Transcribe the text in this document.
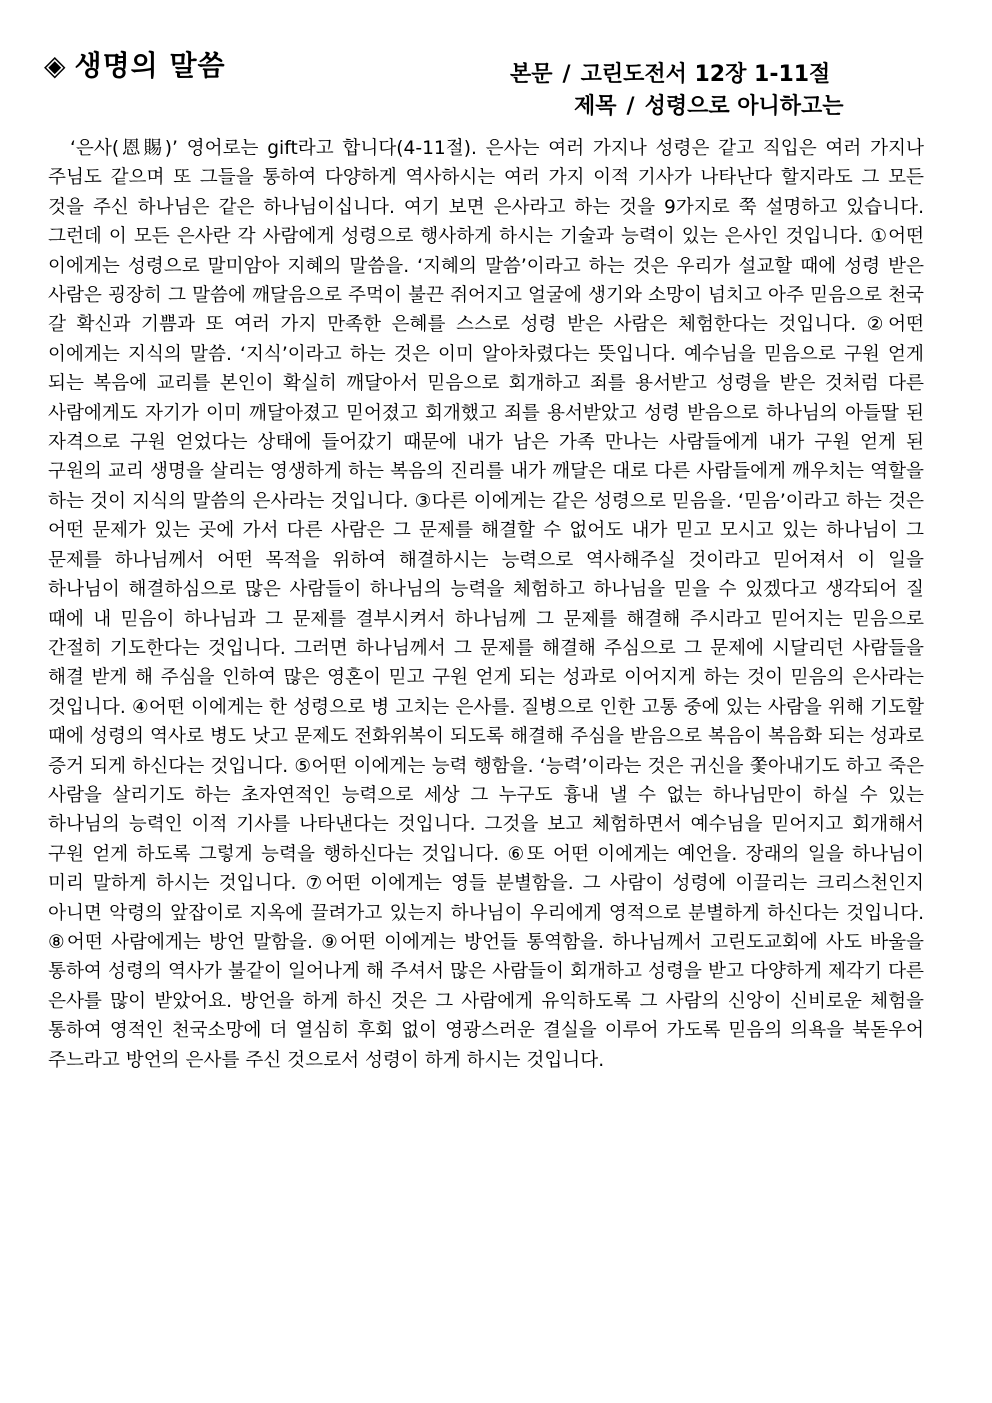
◈ 생명의 말씀	본문 / 고린도전서 12장 1-11절
제목 / 성령으로 아니하고는

‘은사(恩賜)’ 영어로는 gift라고 합니다(4-11절). 은사는 여러 가지나 성령은 같고 직입은 여러 가지나 주님도 같으며 또 그들을 통하여 다양하게 역사하시는 여러 가지 이적 기사가 나타난다 할지라도 그 모든 것을 주신 하나님은 같은 하나님이십니다. 여기 보면 은사라고 하는 것을 9가지로 쭉 설명하고 있습니다. 그런데 이 모든 은사란 각 사람에게 성령으로 행사하게 하시는 기술과 능력이 있는 은사인 것입니다. ①어떤 이에게는 성령으로 말미암아 지혜의 말씀을. ‘지혜의 말씀’이라고 하는 것은 우리가 설교할 때에 성령 받은 사람은 굉장히 그 말씀에 깨달음으로 주먹이 불끈 쥐어지고 얼굴에 생기와 소망이 넘치고 아주 믿음으로 천국 갈 확신과 기쁨과 또 여러 가지 만족한 은혜를 스스로 성령 받은 사람은 체험한다는 것입니다. ②어떤 이에게는 지식의 말씀. ‘지식’이라고 하는 것은 이미 알아차렸다는 뜻입니다. 예수님을 믿음으로 구원 얻게 되는 복음에 교리를 본인이 확실히 깨달아서 믿음으로 회개하고 죄를 용서받고 성령을 받은 것처럼 다른 사람에게도 자기가 이미 깨달아졌고 믿어졌고 회개했고 죄를 용서받았고 성령 받음으로 하나님의 아들딸 된 자격으로 구원 얻었다는 상태에 들어갔기 때문에 내가 남은 가족 만나는 사람들에게 내가 구원 얻게 된 구원의 교리 생명을 살리는 영생하게 하는 복음의 진리를 내가 깨달은 대로 다른 사람들에게 깨우치는 역할을 하는 것이 지식의 말씀의 은사라는 것입니다. ③다른 이에게는 같은 성령으로 믿음을. ‘믿음’이라고 하는 것은 어떤 문제가 있는 곳에 가서 다른 사람은 그 문제를 해결할 수 없어도 내가 믿고 모시고 있는 하나님이 그 문제를 하나님께서 어떤 목적을 위하여 해결하시는 능력으로 역사해주실 것이라고 믿어져서 이 일을 하나님이 해결하심으로 많은 사람들이 하나님의 능력을 체험하고 하나님을 믿을 수 있겠다고 생각되어 질 때에 내 믿음이 하나님과 그 문제를 결부시켜서 하나님께 그 문제를 해결해 주시라고 믿어지는 믿음으로 간절히 기도한다는 것입니다. 그러면 하나님께서 그 문제를 해결해 주심으로 그 문제에 시달리던 사람들을 해결 받게 해 주심을 인하여 많은 영혼이 믿고 구원 얻게 되는 성과로 이어지게 하는 것이 믿음의 은사라는 것입니다. ④어떤 이에게는 한 성령으로 병 고치는 은사를. 질병으로 인한 고통 중에 있는 사람을 위해 기도할 때에 성령의 역사로 병도 낫고 문제도 전화위복이 되도록 해결해 주심을 받음으로 복음이 복음화 되는 성과로 증거 되게 하신다는 것입니다. ⑤어떤 이에게는 능력 행함을. ‘능력’이라는 것은 귀신을 쫓아내기도 하고 죽은 사람을 살리기도 하는 초자연적인 능력으로 세상 그 누구도 흉내 낼 수 없는 하나님만이 하실 수 있는 하나님의 능력인 이적 기사를 나타낸다는 것입니다. 그것을 보고 체험하면서 예수님을 믿어지고 회개해서 구원 얻게 하도록 그렇게 능력을 행하신다는 것입니다. ⑥또 어떤 이에게는 예언을. 장래의 일을 하나님이 미리 말하게 하시는 것입니다. ⑦어떤 이에게는 영들 분별함을. 그 사람이 성령에 이끌리는 크리스천인지 아니면 악령의 앞잡이로 지옥에 끌려가고 있는지 하나님이 우리에게 영적으로 분별하게 하신다는 것입니다. ⑧어떤 사람에게는 방언 말함을. ⑨어떤 이에게는 방언들 통역함을. 하나님께서 고린도교회에 사도 바울을 통하여 성령의 역사가 불같이 일어나게 해 주셔서 많은 사람들이 회개하고 성령을 받고 다양하게 제각기 다른 은사를 많이 받았어요. 방언을 하게 하신 것은 그 사람에게 유익하도록 그 사람의 신앙이 신비로운 체험을 통하여 영적인 천국소망에 더 열심히 후회 없이 영광스러운 결실을 이루어 가도록 믿음의 의욕을 북돋우어 주느라고 방언의 은사를 주신 것으로서 성령이 하게 하시는 것입니다.
